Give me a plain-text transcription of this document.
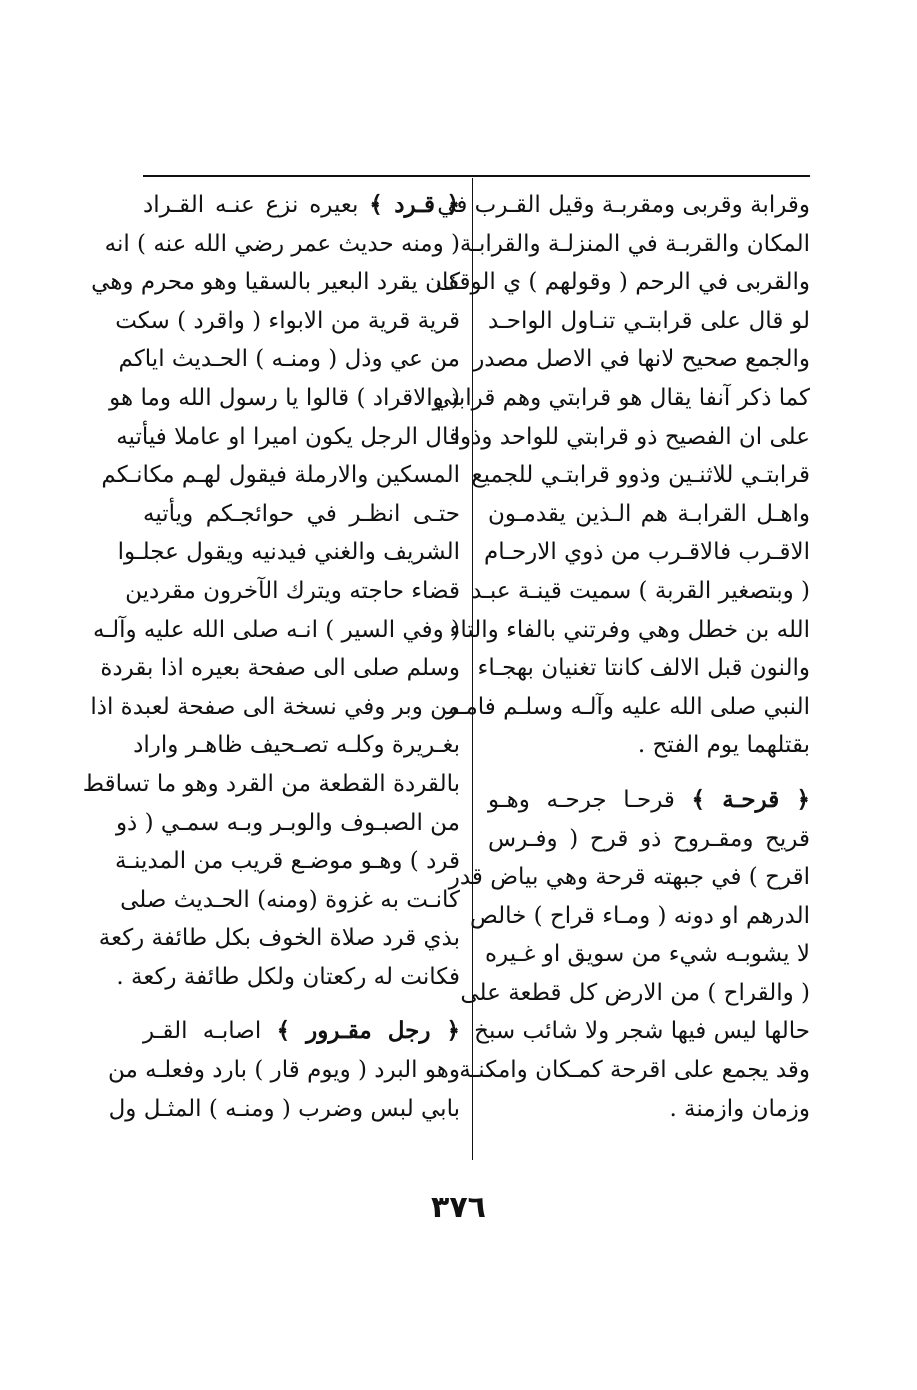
وقرابة وقربى ومقربـة وقيل القـرب في
المكان والقربـة في المنزلـة والقرابـة
والقربى في الرحم ( وقولهم ) ي الوقف
لو قال على قرابتـي تنـاول الواحـد
والجمع صحيح لانها في الاصل مصدر
كما ذكر آنفا يقال هو قرابتي وهم قرابتي
على ان الفصيح ذو قرابتي للواحد وذوا
قرابتـي للاثنـين وذوو قرابتـي للجميع
واهـل القرابـة هم الـذين يقدمـون
الاقـرب فالاقـرب من ذوي الارحـام
( وبتصغير القربة ) سميت قينـة عبـد
الله بن خطل وهي وفرتني بالفاء والتاء
والنون قبل الالف كانتا تغنيان بهجـاء
النبي صلى الله عليه وآلـه وسلـم فامـر
بقتلهما يوم الفتح .
﴿ قرحـة ﴾ قرحـا جرحـه وهـو
قريح ومقـروح ذو قرح ( وفـرس
اقرح ) في جبهته قرحة وهي بياض قدر
الدرهم او دونه ( ومـاء قراح ) خالص
لا يشوبـه شيء من سويق او غـيره
( والقراح ) من الارض كل قطعة على
حالها ليس فيها شجر ولا شائب سبخ
وقد يجمع على اقرحة كمـكان وامكنـة
وزمان وازمنة .
﴿ قـرد ﴾ بعيره نزع عنـه القـراد
( ومنه حديث عمر رضي الله عنه ) انه
كان يقرد البعير بالسقيا وهو محرم وهي
قرية قرية من الابواء ( واقرد ) سكت
من عي وذل ( ومنـه ) الحـديث اياكم
( والاقراد ) قالوا يا رسول الله وما هو
قال الرجل يكون اميرا او عاملا فيأتيه
المسكين والارملة فيقول لهـم مكانـكم
حتـى انظـر في حوائجـكم ويأتيه
الشريف والغني فيدنيه ويقول عجلـوا
قضاء حاجته ويترك الآخرون مقردين
( وفي السير ) انـه صلى الله عليه وآلـه
وسلم صلى الى صفحة بعيره اذا بقردة
من وبر وفي نسخة الى صفحة لعبدة اذا
بغـريرة وكلـه تصـحيف ظاهـر واراد
بالقردة القطعة من القرد وهو ما تساقط
من الصبـوف والوبـر وبـه سمـي ( ذو
قرد ) وهـو موضـع قريب من المدينـة
كانـت به غزوة (ومنه) الحـديث صلى
بذي قرد صلاة الخوف بكل طائفة ركعة
فكانت له ركعتان ولكل طائفة ركعة .
﴿ رجل مقـرور ﴾ اصابـه القـر
وهو البرد ( ويوم قار ) بارد وفعلـه من
بابي لبس وضرب ( ومنـه ) المثـل ول
٣٧٦
